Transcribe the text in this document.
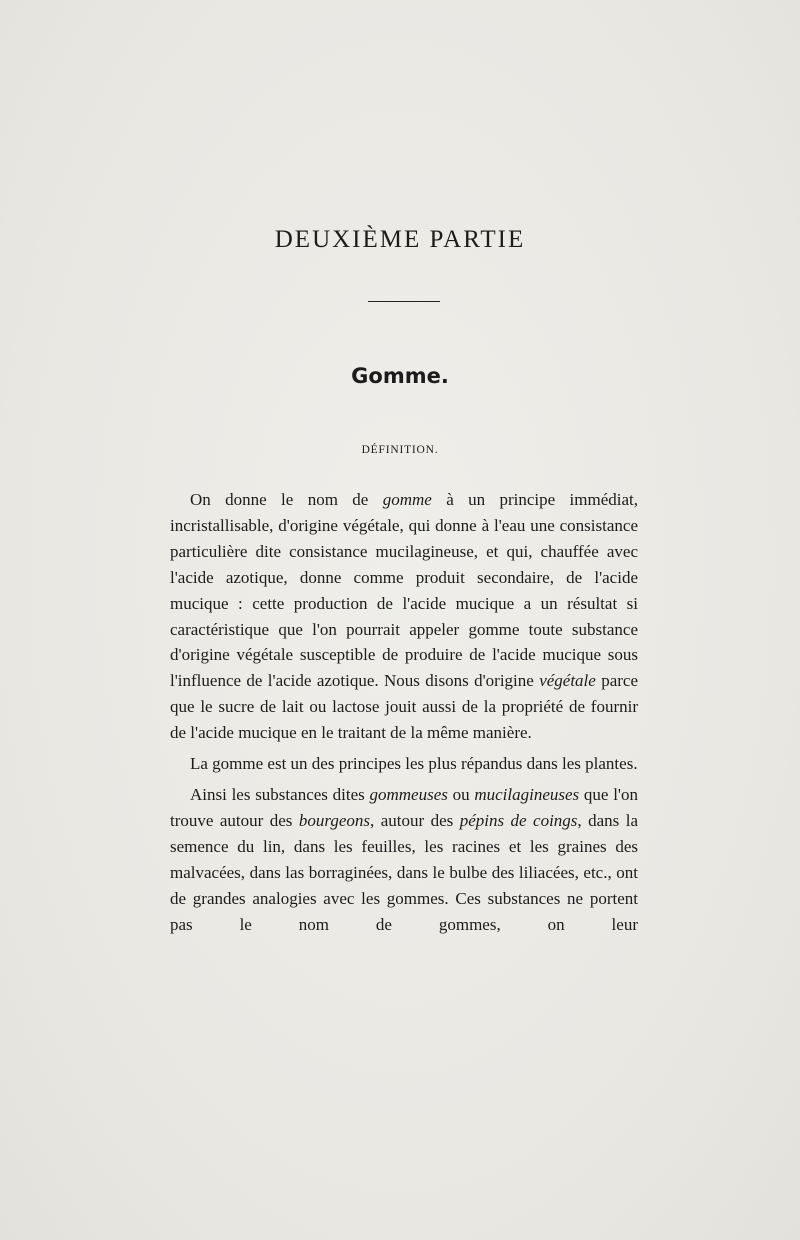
DEUXIÈME PARTIE
Gomme.
DÉFINITION.

On donne le nom de gomme à un principe immédiat, incristallisable, d'origine végétale, qui donne à l'eau une consistance particulière dite consistance mucilagineuse, et qui, chauffée avec l'acide azotique, donne comme produit secondaire, de l'acide mucique : cette production de l'acide mucique a un résultat si caractéristique que l'on pourrait appeler gomme toute substance d'origine végétale susceptible de produire de l'acide mucique sous l'influence de l'acide azotique. Nous disons d'origine végétale parce que le sucre de lait ou lactose jouit aussi de la propriété de fournir de l'acide mucique en le traitant de la même manière.

La gomme est un des principes les plus répandus dans les plantes.

Ainsi les substances dites gommeuses ou mucilagineuses que l'on trouve autour des bourgeons, autour des pépins de coings, dans la semence du lin, dans les feuilles, les racines et les graines des malvacées, dans las borraginées, dans le bulbe des liliacées, etc., ont de grandes analogies avec les gommes. Ces substances ne portent pas le nom de gommes, on leur
